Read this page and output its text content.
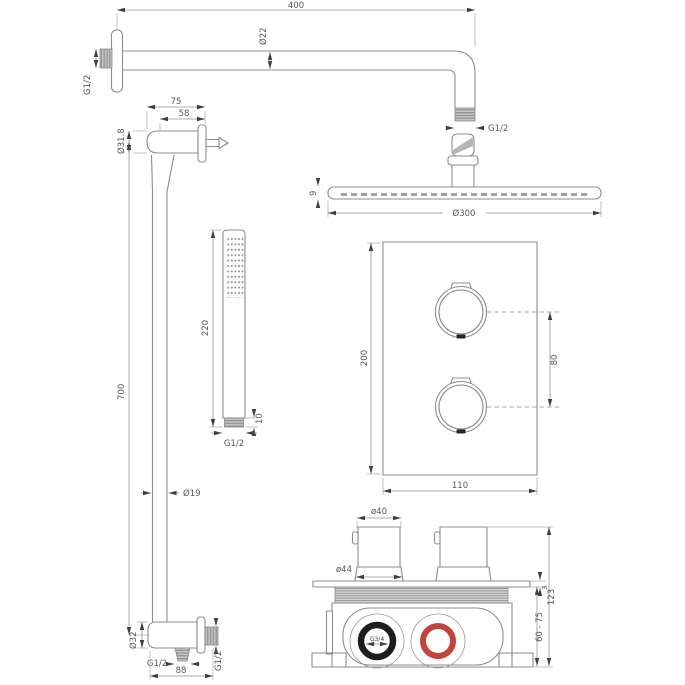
400
G1/2
Ø22
G1/2
9
Ø300
75
58
Ø31.8
Ø19
700
220
10
G1/2
Ø32
G1/2
G1/2
88
200
110
80
ø40
ø44
G3/4
3
60 - 75
123
